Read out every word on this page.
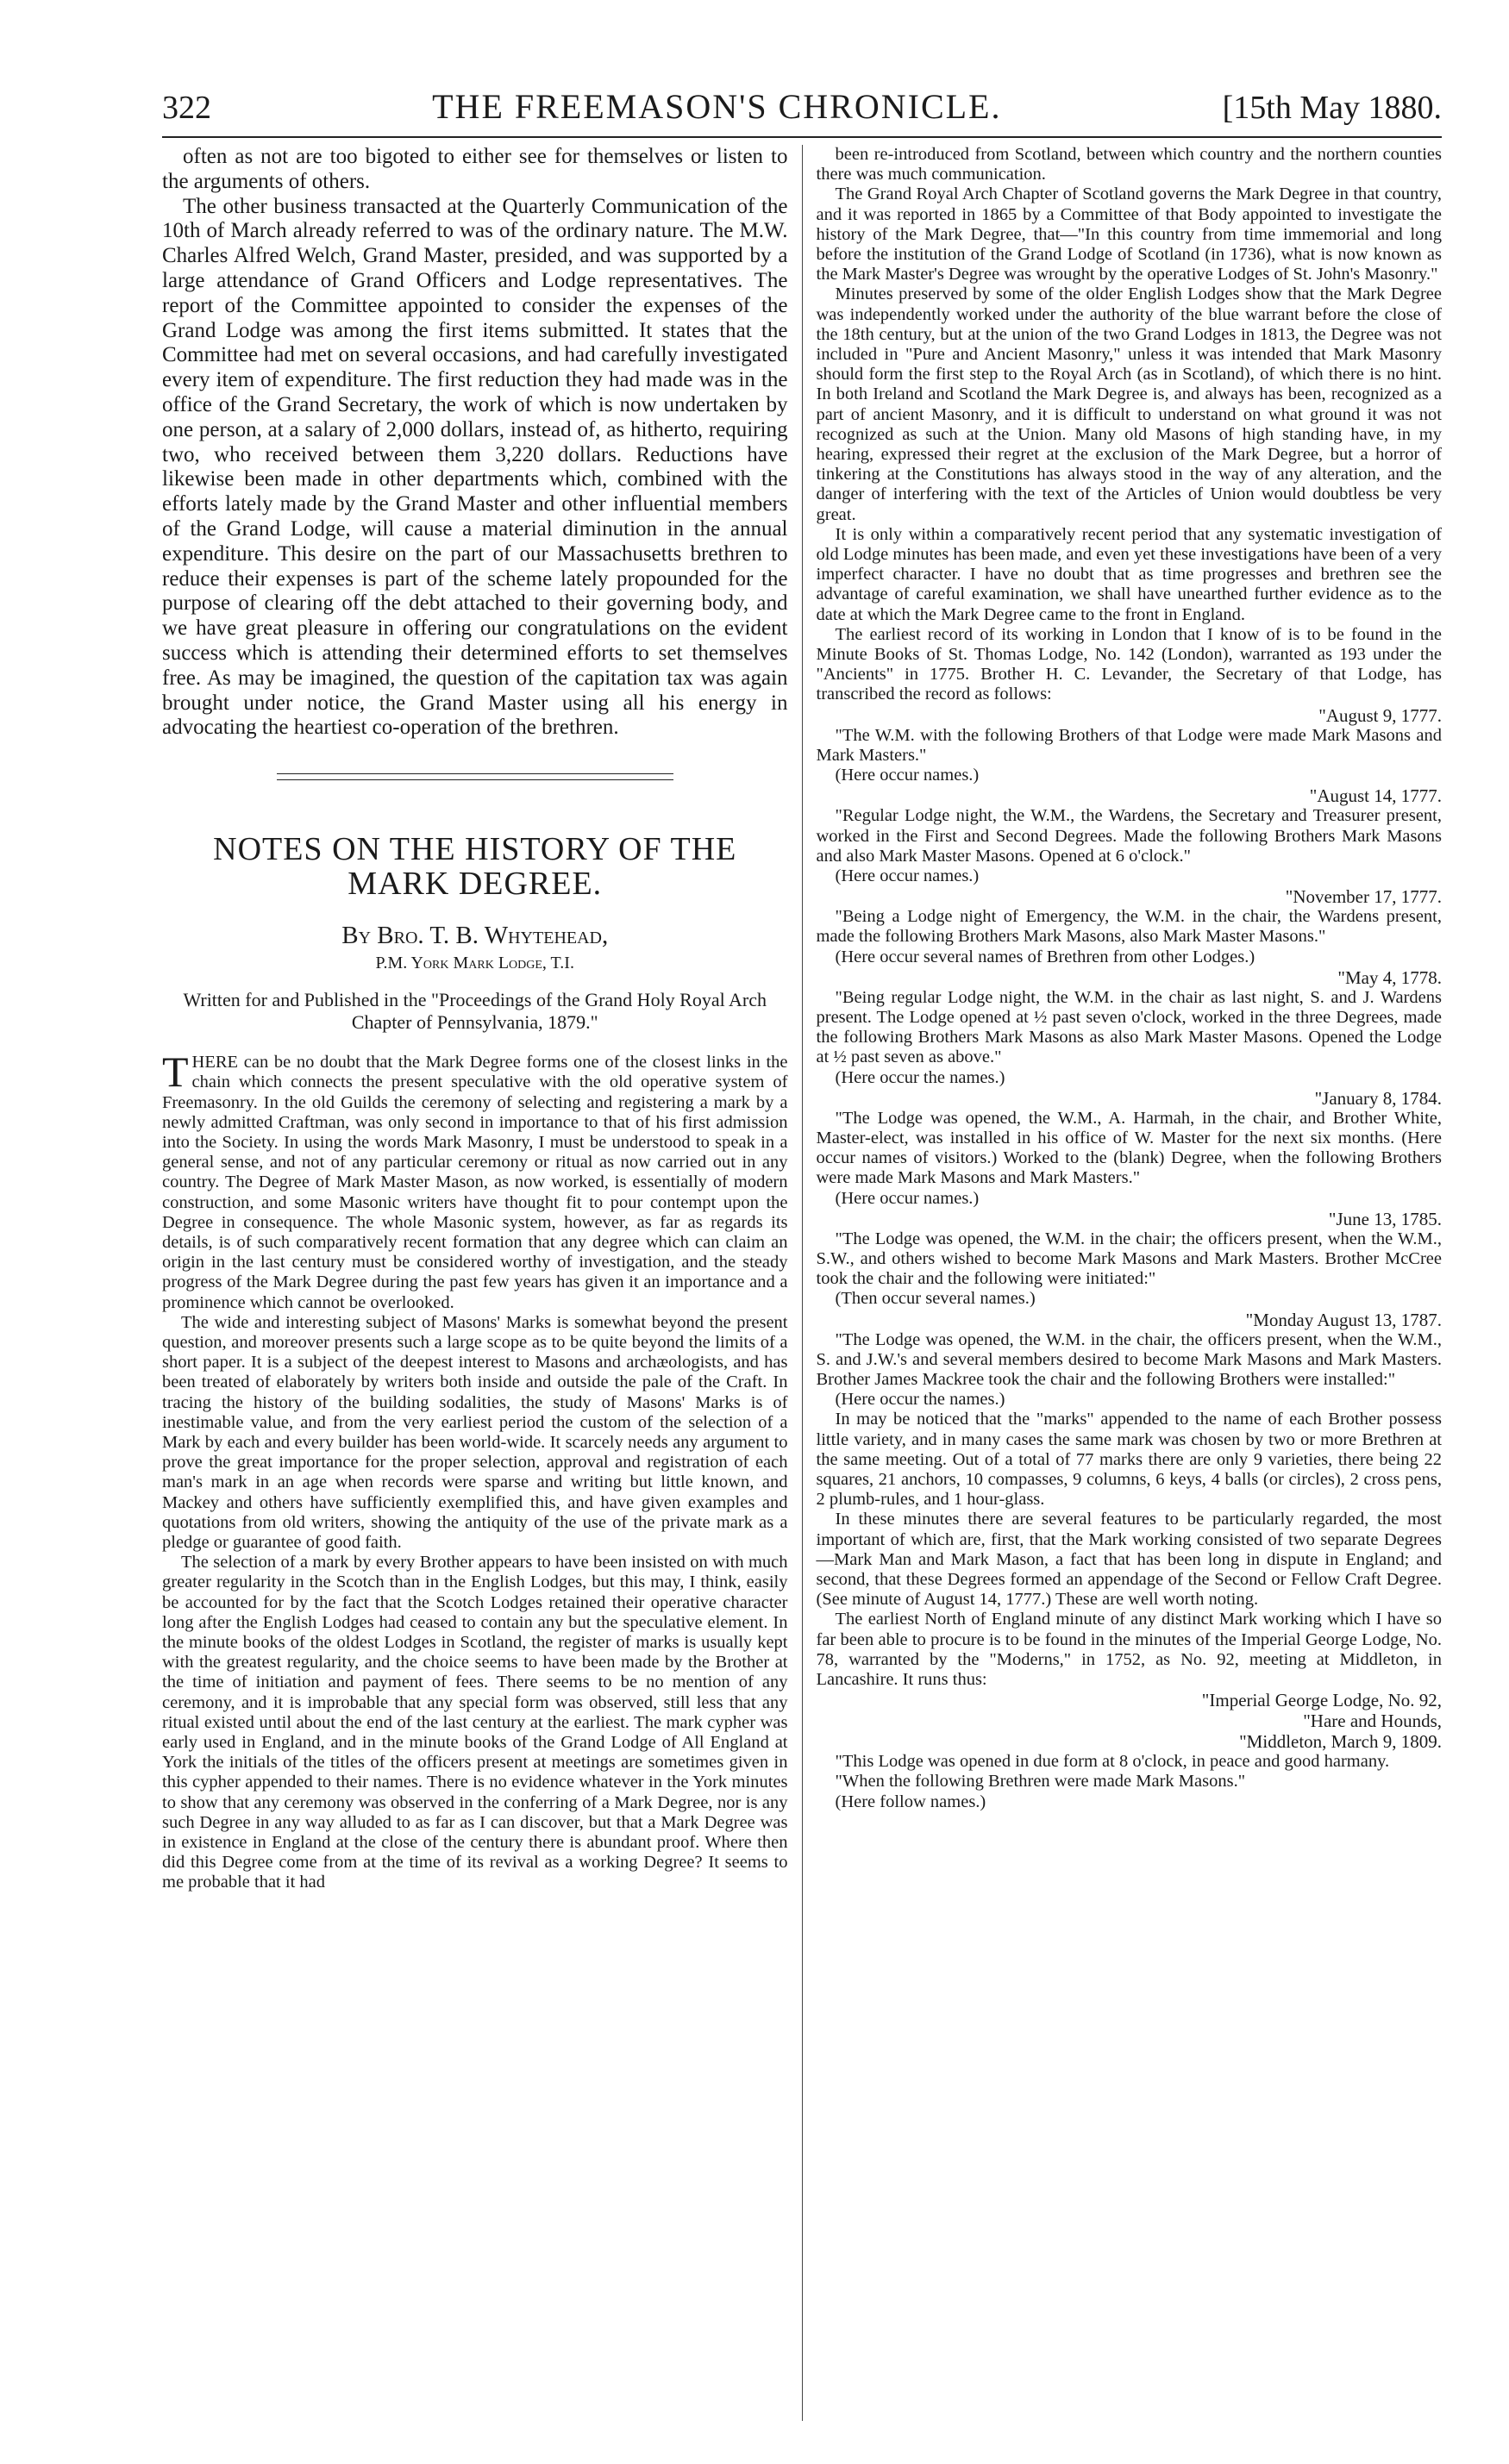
322	THE FREEMASON'S CHRONICLE.	[15th May 1880.

often as not are too bigoted to either see for themselves or listen to the arguments of others.

The other business transacted at the Quarterly Communication of the 10th of March already referred to was of the ordinary nature. The M.W. Charles Alfred Welch, Grand Master, presided, and was supported by a large attendance of Grand Officers and Lodge representatives. The report of the Committee appointed to consider the expenses of the Grand Lodge was among the first items submitted. It states that the Committee had met on several occasions, and had carefully investigated every item of expenditure. The first reduction they had made was in the office of the Grand Secretary, the work of which is now undertaken by one person, at a salary of 2,000 dollars, instead of, as hitherto, requiring two, who received between them 3,220 dollars. Reductions have likewise been made in other departments which, combined with the efforts lately made by the Grand Master and other influential members of the Grand Lodge, will cause a material diminution in the annual expenditure. This desire on the part of our Massachusetts brethren to reduce their expenses is part of the scheme lately propounded for the purpose of clearing off the debt attached to their governing body, and we have great pleasure in offering our congratulations on the evident success which is attending their determined efforts to set themselves free. As may be imagined, the question of the capitation tax was again brought under notice, the Grand Master using all his energy in advocating the heartiest co-operation of the brethren.

NOTES ON THE HISTORY OF THE MARK DEGREE.
By Bro. T. B. Whytehead,
P.M. York Mark Lodge, T.I.
Written for and Published in the "Proceedings of the Grand Holy Royal Arch Chapter of Pennsylvania, 1879."

THERE can be no doubt that the Mark Degree forms one of the closest links in the chain which connects the present speculative with the old operative system of Freemasonry. In the old Guilds the ceremony of selecting and registering a mark by a newly admitted Craftman, was only second in importance to that of his first admission into the Society. In using the words Mark Masonry, I must be understood to speak in a general sense, and not of any particular ceremony or ritual as now carried out in any country. The Degree of Mark Master Mason, as now worked, is essentially of modern construction, and some Masonic writers have thought fit to pour contempt upon the Degree in consequence. The whole Masonic system, however, as far as regards its details, is of such comparatively recent formation that any degree which can claim an origin in the last century must be considered worthy of investigation, and the steady progress of the Mark Degree during the past few years has given it an importance and a prominence which cannot be overlooked.

The wide and interesting subject of Masons' Marks is somewhat beyond the present question, and moreover presents such a large scope as to be quite beyond the limits of a short paper. It is a subject of the deepest interest to Masons and archæologists, and has been treated of elaborately by writers both inside and outside the pale of the Craft. In tracing the history of the building sodalities, the study of Masons' Marks is of inestimable value, and from the very earliest period the custom of the selection of a Mark by each and every builder has been world-wide. It scarcely needs any argument to prove the great importance for the proper selection, approval and registration of each man's mark in an age when records were sparse and writing but little known, and Mackey and others have sufficiently exemplified this, and have given examples and quotations from old writers, showing the antiquity of the use of the private mark as a pledge or guarantee of good faith.

The selection of a mark by every Brother appears to have been insisted on with much greater regularity in the Scotch than in the English Lodges, but this may, I think, easily be accounted for by the fact that the Scotch Lodges retained their operative character long after the English Lodges had ceased to contain any but the speculative element. In the minute books of the oldest Lodges in Scotland, the register of marks is usually kept with the greatest regularity, and the choice seems to have been made by the Brother at the time of initiation and payment of fees. There seems to be no mention of any ceremony, and it is improbable that any special form was observed, still less that any ritual existed until about the end of the last century at the earliest. The mark cypher was early used in England, and in the minute books of the Grand Lodge of All England at York the initials of the titles of the officers present at meetings are sometimes given in this cypher appended to their names. There is no evidence whatever in the York minutes to show that any ceremony was observed in the conferring of a Mark Degree, nor is any such Degree in any way alluded to as far as I can discover, but that a Mark Degree was in existence in England at the close of the century there is abundant proof. Where then did this Degree come from at the time of its revival as a working Degree? It seems to me probable that it had

been re-introduced from Scotland, between which country and the northern counties there was much communication.

The Grand Royal Arch Chapter of Scotland governs the Mark Degree in that country, and it was reported in 1865 by a Committee of that Body appointed to investigate the history of the Mark Degree, that—"In this country from time immemorial and long before the institution of the Grand Lodge of Scotland (in 1736), what is now known as the Mark Master's Degree was wrought by the operative Lodges of St. John's Masonry."

Minutes preserved by some of the older English Lodges show that the Mark Degree was independently worked under the authority of the blue warrant before the close of the 18th century, but at the union of the two Grand Lodges in 1813, the Degree was not included in "Pure and Ancient Masonry," unless it was intended that Mark Masonry should form the first step to the Royal Arch (as in Scotland), of which there is no hint. In both Ireland and Scotland the Mark Degree is, and always has been, recognized as a part of ancient Masonry, and it is difficult to understand on what ground it was not recognized as such at the Union. Many old Masons of high standing have, in my hearing, expressed their regret at the exclusion of the Mark Degree, but a horror of tinkering at the Constitutions has always stood in the way of any alteration, and the danger of interfering with the text of the Articles of Union would doubtless be very great.

It is only within a comparatively recent period that any systematic investigation of old Lodge minutes has been made, and even yet these investigations have been of a very imperfect character. I have no doubt that as time progresses and brethren see the advantage of careful examination, we shall have unearthed further evidence as to the date at which the Mark Degree came to the front in England.

The earliest record of its working in London that I know of is to be found in the Minute Books of St. Thomas Lodge, No. 142 (London), warranted as 193 under the "Ancients" in 1775. Brother H. C. Levander, the Secretary of that Lodge, has transcribed the record as follows:

"August 9, 1777.

"The W.M. with the following Brothers of that Lodge were made Mark Masons and Mark Masters."

(Here occur names.)
"August 14, 1777.

"Regular Lodge night, the W.M., the Wardens, the Secretary and Treasurer present, worked in the First and Second Degrees. Made the following Brothers Mark Masons and also Mark Master Masons. Opened at 6 o'clock."

(Here occur names.)
"November 17, 1777.

"Being a Lodge night of Emergency, the W.M. in the chair, the Wardens present, made the following Brothers Mark Masons, also Mark Master Masons."

(Here occur several names of Brethren from other Lodges.)
"May 4, 1778.

"Being regular Lodge night, the W.M. in the chair as last night, S. and J. Wardens present. The Lodge opened at ½ past seven o'clock, worked in the three Degrees, made the following Brothers Mark Masons as also Mark Master Masons. Opened the Lodge at ½ past seven as above."

(Here occur the names.)
"January 8, 1784.

"The Lodge was opened, the W.M., A. Harmah, in the chair, and Brother White, Master-elect, was installed in his office of W. Master for the next six months. (Here occur names of visitors.) Worked to the (blank) Degree, when the following Brothers were made Mark Masons and Mark Masters."

(Here occur names.)
"June 13, 1785.

"The Lodge was opened, the W.M. in the chair; the officers present, when the W.M., S.W., and others wished to become Mark Masons and Mark Masters. Brother McCree took the chair and the following were initiated:"

(Then occur several names.)
"Monday August 13, 1787.

"The Lodge was opened, the W.M. in the chair, the officers present, when the W.M., S. and J.W.'s and several members desired to become Mark Masons and Mark Masters. Brother James Mackree took the chair and the following Brothers were installed:"

(Here occur the names.)

In may be noticed that the "marks" appended to the name of each Brother possess little variety, and in many cases the same mark was chosen by two or more Brethren at the same meeting. Out of a total of 77 marks there are only 9 varieties, there being 22 squares, 21 anchors, 10 compasses, 9 columns, 6 keys, 4 balls (or circles), 2 cross pens, 2 plumb-rules, and 1 hour-glass.

In these minutes there are several features to be particularly regarded, the most important of which are, first, that the Mark working consisted of two separate Degrees—Mark Man and Mark Mason, a fact that has been long in dispute in England; and second, that these Degrees formed an appendage of the Second or Fellow Craft Degree. (See minute of August 14, 1777.) These are well worth noting.

The earliest North of England minute of any distinct Mark working which I have so far been able to procure is to be found in the minutes of the Imperial George Lodge, No. 78, warranted by the "Moderns," in 1752, as No. 92, meeting at Middleton, in Lancashire. It runs thus:

"Imperial George Lodge, No. 92,
"Hare and Hounds,
"Middleton, March 9, 1809.

"This Lodge was opened in due form at 8 o'clock, in peace and good harmany.

"When the following Brethren were made Mark Masons."

(Here follow names.)
